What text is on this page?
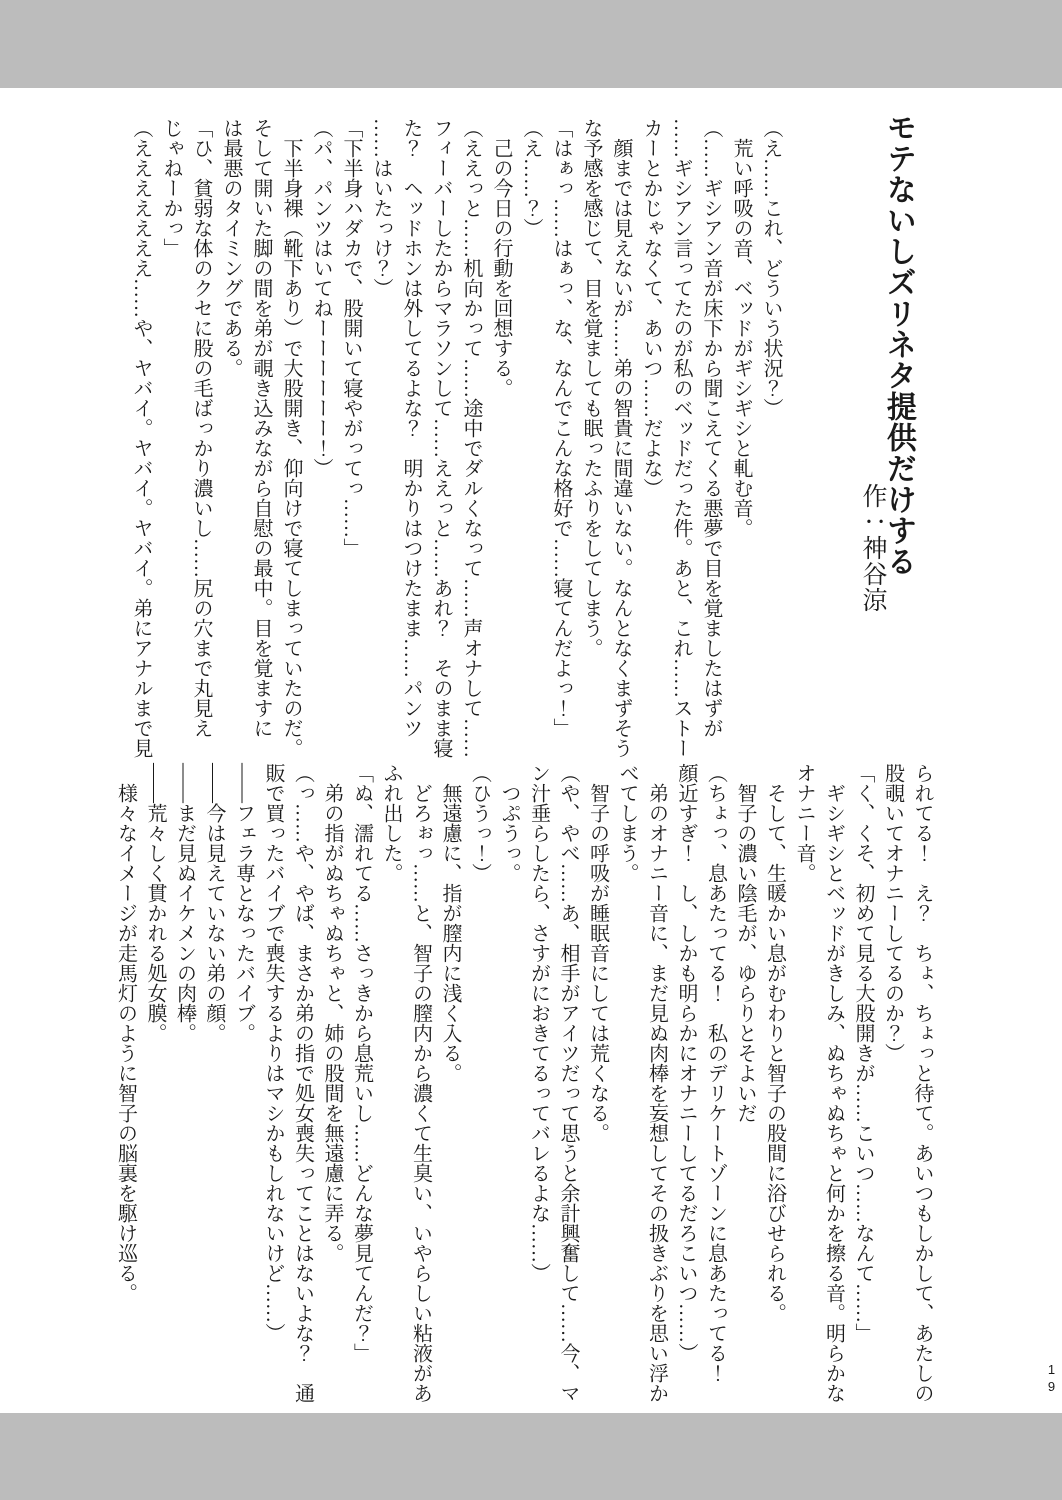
モテないしズリネタ提供だけする
作：神谷涼

（え……これ、どういう状況？）

　荒い呼吸の音、ベッドがギシギシと軋む音。

（……ギシアン音が床下から聞こえてくる悪夢で目を覚ましたはずが

……ギシアン言ってたのが私のベッドだった件。あと、これ……ストー

カーとかじゃなくて、あいつ……だよな）

　顔までは見えないが……弟の智貴に間違いない。なんとなくまずそう

な予感を感じて、目を覚ましても眠ったふりをしてしまう。

「はぁっ……はぁっ、な、なんでこんな格好で……寝てんだよっ！」

（え……？）

　己の今日の行動を回想する。

（ええっと……机向かって……途中でダルくなって……声オナして……

フィーバーしたからマラソンして……ええっと……あれ？　そのまま寝

た？　ヘッドホンは外してるよな？　明かりはつけたまま……パンツ

……はいたっけ？）

「下半身ハダカで、股開いて寝やがってっ……」

（パ、パンツはいてねーーーーーー！）

　下半身裸（靴下あり）で大股開き、仰向けで寝てしまっていたのだ。

そして開いた脚の間を弟が覗き込みながら自慰の最中。目を覚ますに

は最悪のタイミングである。

「ひ、貧弱な体のクセに股の毛ばっかり濃いし……尻の穴まで丸見え

じゃねーかっ」

（えええええええ……や、ヤバイ。ヤバイ。ヤバイ。弟にアナルまで見

られてる！　え？　ちょ、ちょっと待て。あいつもしかして、あたしの

股覗いてオナニーしてるのか？）

「く、くそ、初めて見る大股開きが……こいつ……なんて……」

　ギシギシとベッドがきしみ、ぬちゃぬちゃと何かを擦る音。明らかな

オナニー音。

　そして、生暖かい息がむわりと智子の股間に浴びせられる。

　智子の濃い陰毛が、ゆらりとそよいだ

（ちょっ、息あたってる！　私のデリケートゾーンに息あたってる！

顔近すぎ！　し、しかも明らかにオナニーしてるだろこいつ……）

　弟のオナニー音に、まだ見ぬ肉棒を妄想してその扱きぶりを思い浮か

べてしまう。

　智子の呼吸が睡眠音にしては荒くなる。

（や、やべ……あ、相手がアイツだって思うと余計興奮して……今、マ

ン汁垂らしたら、さすがにおきてるってバレるよな……）

　つぷうっ。

（ひうっ！）

　無遠慮に、指が膣内に浅く入る。

　どろぉっ……と、智子の膣内から濃くて生臭い、いやらしい粘液があ

ふれ出した。

「ぬ、濡れてる……さっきから息荒いし……どんな夢見てんだ？」

　弟の指がぬちゃぬちゃと、姉の股間を無遠慮に弄る。

（っ……や、やば、まさか弟の指で処女喪失ってことはないよな？　通

販で買ったバイブで喪失するよりはマシかもしれないけど……）

――フェラ専となったバイブ。

――今は見えていない弟の顔。

――まだ見ぬイケメンの肉棒。

――荒々しく貫かれる処女膜。

　様々なイメージが走馬灯のように智子の脳裏を駆け巡る。

19
